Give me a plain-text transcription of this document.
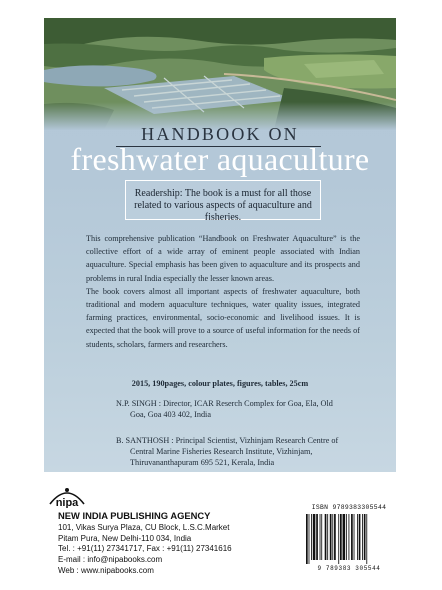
HANDBOOK ON
freshwater aquaculture
Readership: The book is a must for all those related to various aspects of aquaculture and fisheries.

This comprehensive publication “Handbook on Freshwater Aquaculture” is the collective effort of a wide array of eminent people associated with Indian aquaculture. Special emphasis has been given to aquaculture and its prospects and problems in rural India especially the lesser known areas.

The book covers almost all important aspects of freshwater aquaculture, both traditional and modern aquaculture techniques, water quality issues, integrated farming practices, environmental, socio-economic and livelihood issues. It is expected that the book will prove to a source of useful information for the needs of students, scholars, farmers and researchers.

2015, 190pages, colour plates, figures, tables, 25cm
N.P. SINGH : Director, ICAR Reserch Complex for Goa, Ela, Old
Goa, Goa 403 402, India
B. SANTHOSH : Principal Scientist, Vizhinjam Research Centre of
Central Marine Fisheries Research Institute, Vizhinjam,
Thiruvananthapuram 695 521, Kerala, India
nipa
NEW INDIA PUBLISHING AGENCY
101, Vikas Surya Plaza, CU Block, L.S.C.Market
Pitam Pura, New Delhi-110 034, India
Tel. : +91(11) 27341717, Fax : +91(11) 27341616
E-mail : info@nipabooks.com
Web : www.nipabooks.com
ISBN 9789383305544
9 789383 305544
